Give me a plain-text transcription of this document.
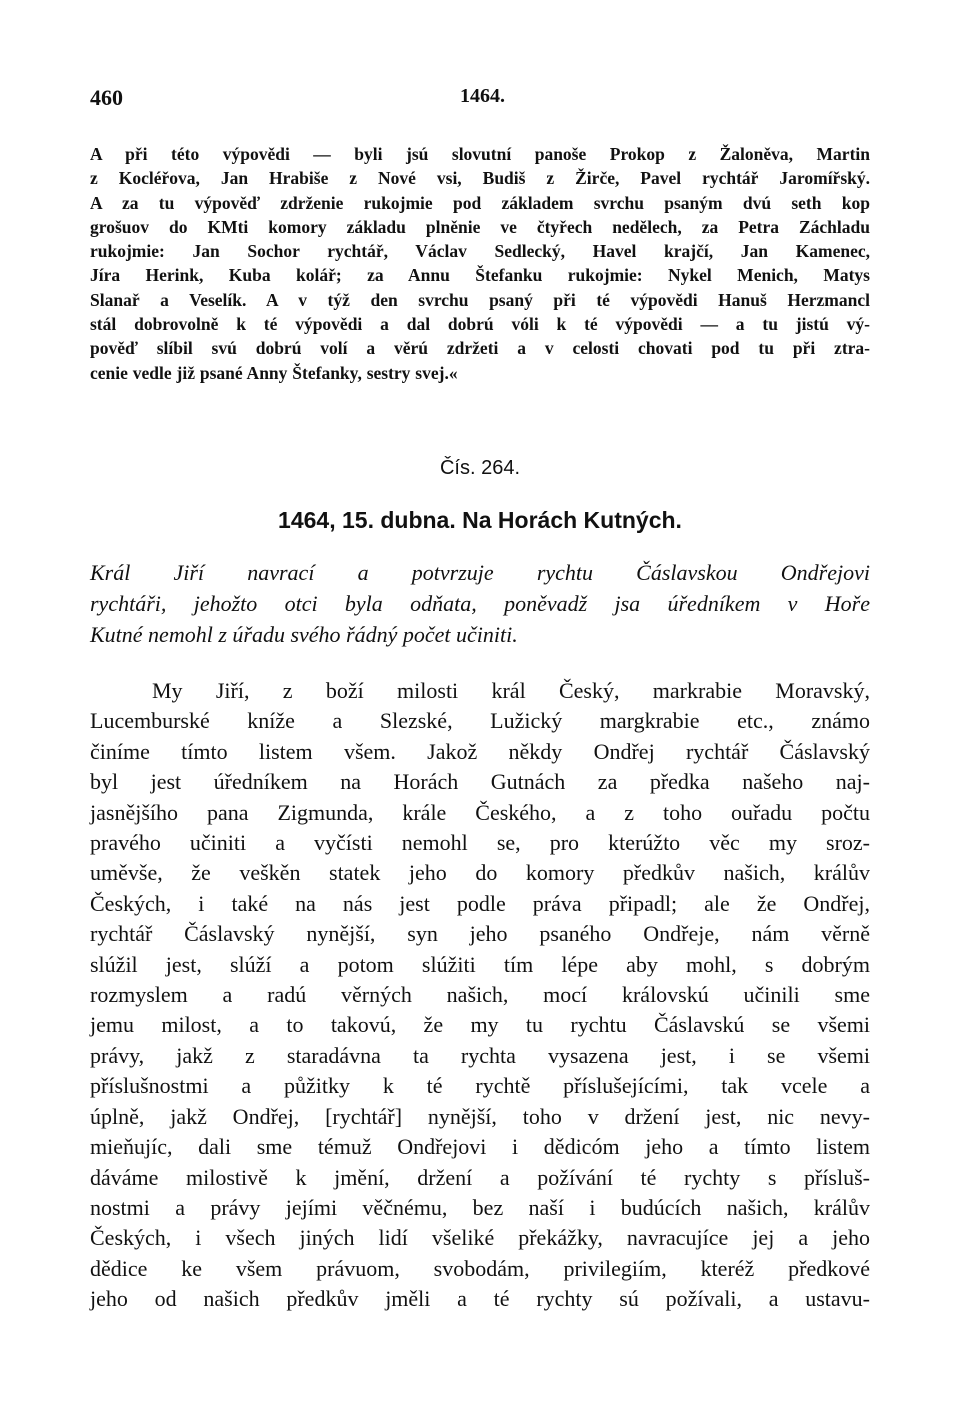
460	1464.
A při této výpovědi — byli jsú slovutní panoše Prokop z Žaloněva, Martin
z Kocléřova, Jan Hrabiše z Nové vsi, Budiš z Žirče, Pavel rychtář Jaromířský.
A za tu výpověď zdrženie rukojmie pod základem svrchu psaným dvú seth kop
grošuov do KMti komory základu plněnie ve čtyřech nedělech, za Petra Záchladu
rukojmie: Jan Sochor rychtář, Václav Sedlecký, Havel krajčí, Jan Kamenec,
Jíra Herink, Kuba kolář; za Annu Štefanku rukojmie: Nykel Menich, Matys
Slanař a Veselík. A v týž den svrchu psaný při té výpovědi Hanuš Herzmancl
stál dobrovolně k té výpovědi a dal dobrú vóli k té výpovědi — a tu jistú vý-
pověď slíbil svú dobrú volí a věrú zdržeti a v celosti chovati pod tu při ztra-
cenie vedle již psané Anny Štefanky, sestry svej.«
Čís. 264.
1464, 15. dubna. Na Horách Kutných.
Král Jiří navrací a potvrzuje rychtu Čáslavskou Ondřejovi
rychtáři, jehožto otci byla odňata, poněvadž jsa úředníkem v Hoře
Kutné nemohl z úřadu svého řádný počet učiniti.
My Jiří, z boží milosti král Český, markrabie Moravský,
Lucemburské kníže a Slezské, Lužický margkrabie etc., známo
činíme tímto listem všem. Jakož někdy Ondřej rychtář Čáslavský
byl jest úředníkem na Horách Gutnách za předka našeho naj-
jasnějšího pana Zigmunda, krále Českého, a z toho ouřadu počtu
pravého učiniti a vyčísti nemohl se, pro kterúžto věc my sroz-
uměvše, že veškěn statek jeho do komory předkův našich, králův
Českých, i také na nás jest podle práva připadl; ale že Ondřej,
rychtář Čáslavský nynější, syn jeho psaného Ondřeje, nám věrně
slúžil jest, slúží a potom slúžiti tím lépe aby mohl, s dobrým
rozmyslem a radú věrných našich, mocí královskú učinili sme
jemu milost, a to takovú, že my tu rychtu Čáslavskú se všemi
právy, jakž z staradávna ta rychta vysazena jest, i se všemi
příslušnostmi a půžitky k té rychtě příslušejícími, tak vcele a
úplně, jakž Ondřej, [rychtář] nynější, toho v držení jest, nic nevy-
mieňujíc, dali sme témuž Ondřejovi i dědicóm jeho a tímto listem
dáváme milostivě k jmění, držení a požívání té rychty s přísluš-
nostmi a právy jejími věčnému, bez naší i budúcích našich, králův
Českých, i všech jiných lidí všeliké překážky, navracujíce jej a jeho
dědice ke všem právuom, svobodám, privilegiím, kteréž předkové
jeho od našich předkův jměli a té rychty sú požívali, a ustavu-
